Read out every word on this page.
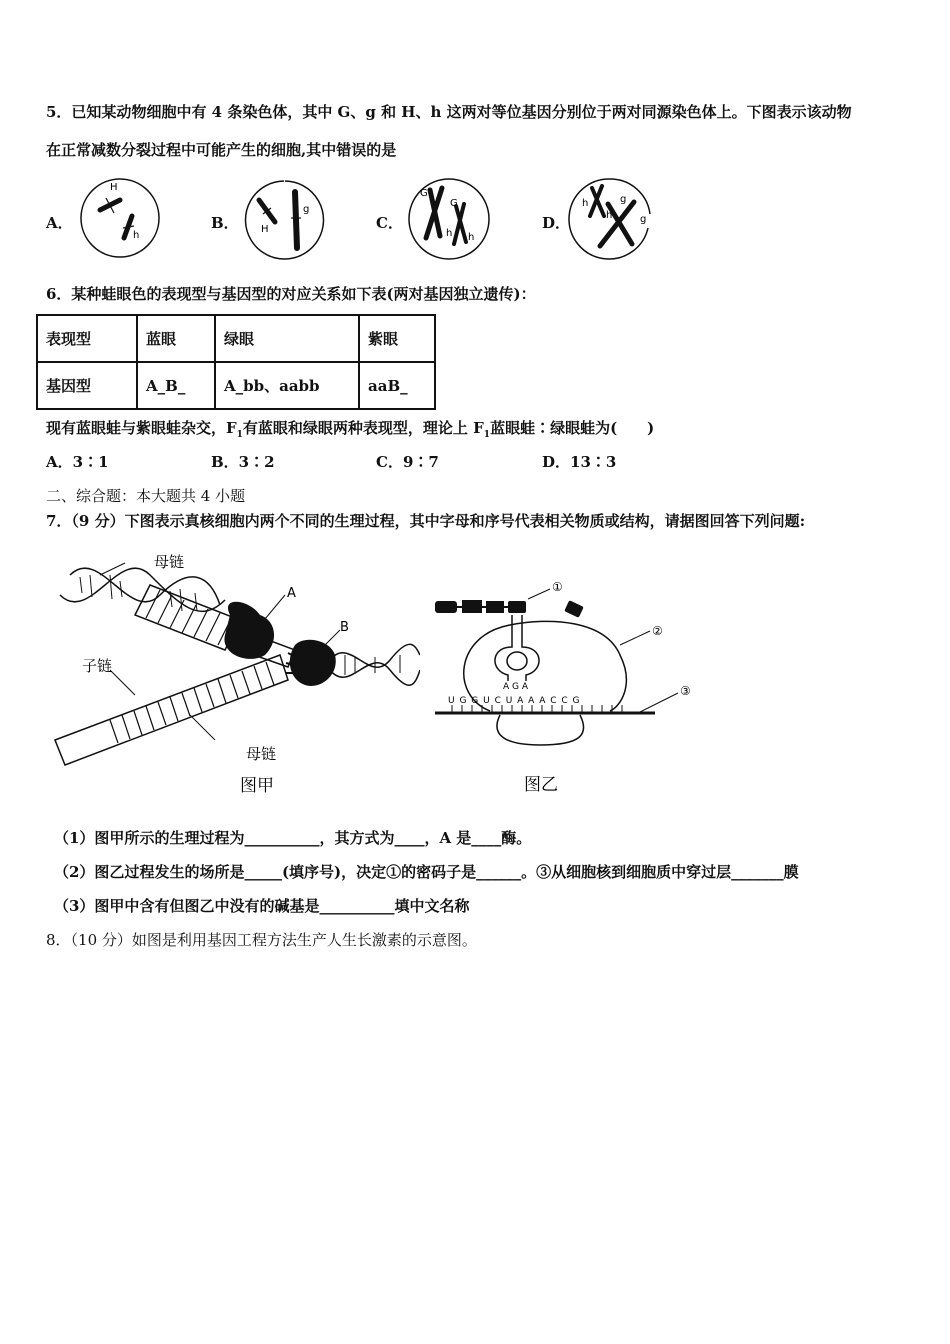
5．已知某动物细胞中有 4 条染色体，其中 G、g 和 H、h 这两对等位基因分别位于两对同源染色体上。下图表示该动物
在正常减数分裂过程中可能产生的细胞,其中错误的是
A．
H
h
B． H
g
C．
G
G
h h
D．
h
h
g
g
6．某种蛙眼色的表现型与基因型的对应关系如下表(两对基因独立遗传)：
表现型	蓝眼	绿眼	紫眼
基因型	A_B_	A_bb、aabb	aaB_
现有蓝眼蛙与紫眼蛙杂交，$F_1$有蓝眼和绿眼两种表现型，理论上 $F_1$蓝眼蛙∶绿眼蛙为(　　)
A．3∶1	B．3∶2	C．9∶7	D．13∶3
二、综合题：本大题共 4 小题
7．（9 分）下图表示真核细胞内两个不同的生理过程，其中字母和序号代表相关物质或结构，请据图回答下列问题:
母链
A
B
子链
母链
图甲
①
②
A G A
U G G U C U A A A C C G
③
图乙
（1）图甲所示的生理过程为__________，其方式为____，A 是____酶。
（2）图乙过程发生的场所是_____(填序号)，决定①的密码子是______。③从细胞核到细胞质中穿过层_______膜
（3）图甲中含有但图乙中没有的碱基是__________填中文名称
8．（10 分）如图是利用基因工程方法生产人生长激素的示意图。
